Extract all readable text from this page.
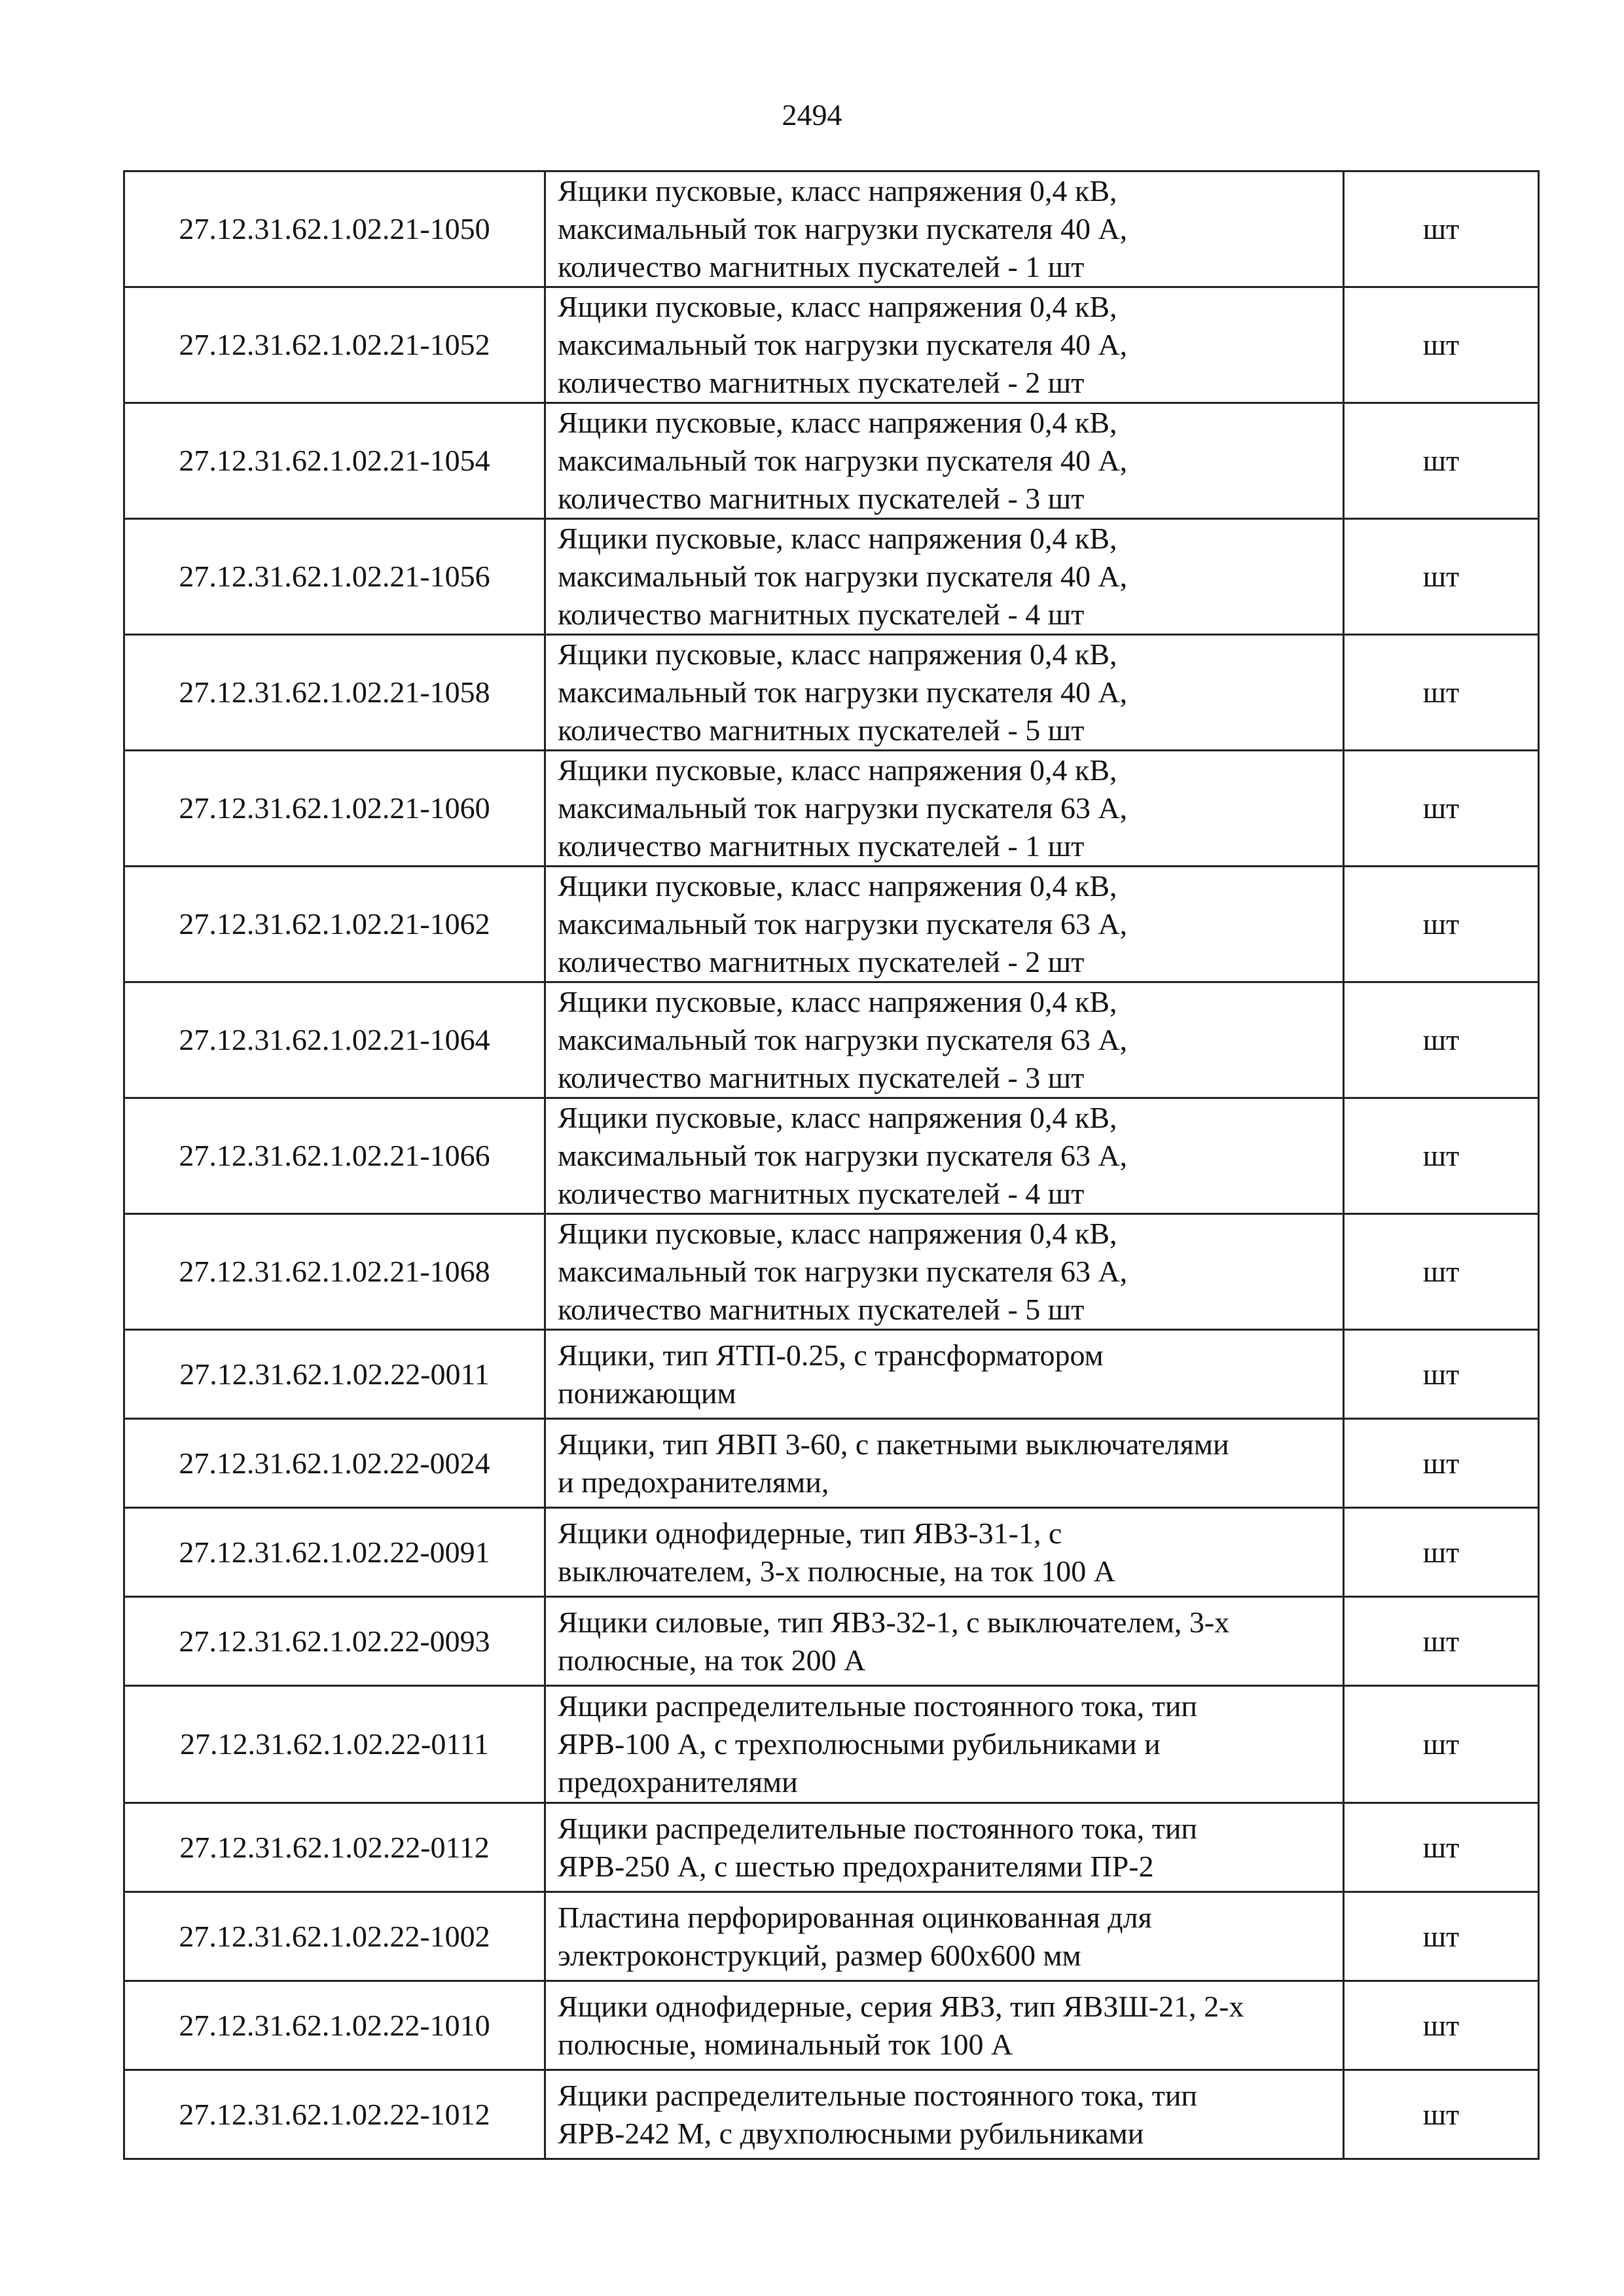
2494
27.12.31.62.1.02.21-1050	Ящики пусковые, класс напряжения 0,4 кВ,
максимальный ток нагрузки пускателя 40 А,
количество магнитных пускателей - 1 шт	шт
27.12.31.62.1.02.21-1052	Ящики пусковые, класс напряжения 0,4 кВ,
максимальный ток нагрузки пускателя 40 А,
количество магнитных пускателей - 2 шт	шт
27.12.31.62.1.02.21-1054	Ящики пусковые, класс напряжения 0,4 кВ,
максимальный ток нагрузки пускателя 40 А,
количество магнитных пускателей - 3 шт	шт
27.12.31.62.1.02.21-1056	Ящики пусковые, класс напряжения 0,4 кВ,
максимальный ток нагрузки пускателя 40 А,
количество магнитных пускателей - 4 шт	шт
27.12.31.62.1.02.21-1058	Ящики пусковые, класс напряжения 0,4 кВ,
максимальный ток нагрузки пускателя 40 А,
количество магнитных пускателей - 5 шт	шт
27.12.31.62.1.02.21-1060	Ящики пусковые, класс напряжения 0,4 кВ,
максимальный ток нагрузки пускателя 63 А,
количество магнитных пускателей - 1 шт	шт
27.12.31.62.1.02.21-1062	Ящики пусковые, класс напряжения 0,4 кВ,
максимальный ток нагрузки пускателя 63 А,
количество магнитных пускателей - 2 шт	шт
27.12.31.62.1.02.21-1064	Ящики пусковые, класс напряжения 0,4 кВ,
максимальный ток нагрузки пускателя 63 А,
количество магнитных пускателей - 3 шт	шт
27.12.31.62.1.02.21-1066	Ящики пусковые, класс напряжения 0,4 кВ,
максимальный ток нагрузки пускателя 63 А,
количество магнитных пускателей - 4 шт	шт
27.12.31.62.1.02.21-1068	Ящики пусковые, класс напряжения 0,4 кВ,
максимальный ток нагрузки пускателя 63 А,
количество магнитных пускателей - 5 шт	шт
27.12.31.62.1.02.22-0011	Ящики, тип ЯТП-0.25, с трансформатором
понижающим	шт
27.12.31.62.1.02.22-0024	Ящики, тип ЯВП 3-60, с пакетными выключателями
и предохранителями,	шт
27.12.31.62.1.02.22-0091	Ящики однофидерные, тип ЯВЗ-31-1, с
выключателем, 3-х полюсные, на ток 100 А	шт
27.12.31.62.1.02.22-0093	Ящики силовые, тип ЯВЗ-32-1, с выключателем, 3-х
полюсные, на ток 200 А	шт
27.12.31.62.1.02.22-0111	Ящики распределительные постоянного тока, тип
ЯРВ-100 А, с трехполюсными рубильниками и
предохранителями	шт
27.12.31.62.1.02.22-0112	Ящики распределительные постоянного тока, тип
ЯРВ-250 А, с шестью предохранителями ПР-2	шт
27.12.31.62.1.02.22-1002	Пластина перфорированная оцинкованная для
электроконструкций, размер 600х600 мм	шт
27.12.31.62.1.02.22-1010	Ящики однофидерные, серия ЯВЗ, тип ЯВЗШ-21, 2-х
полюсные, номинальный ток 100 А	шт
27.12.31.62.1.02.22-1012	Ящики распределительные постоянного тока, тип
ЯРВ-242 М, с двухполюсными рубильниками	шт
